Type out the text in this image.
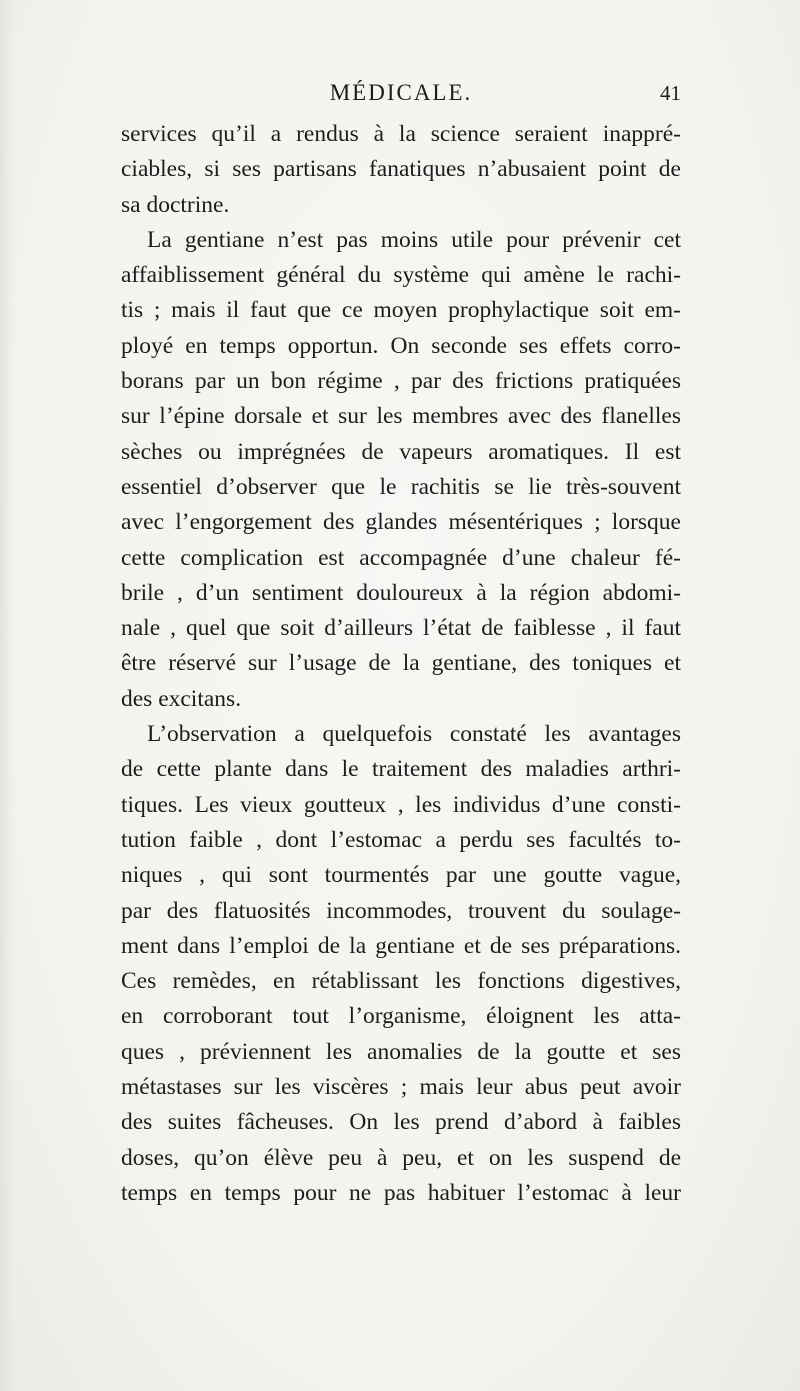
MÉDICALE.	41
services qu’il a rendus à la science seraient inappré-
ciables, si ses partisans fanatiques n’abusaient point de
sa doctrine.
La gentiane n’est pas moins utile pour prévenir cet
affaiblissement général du système qui amène le rachi-
tis ; mais il faut que ce moyen prophylactique soit em-
ployé en temps opportun. On seconde ses effets corro-
borans par un bon régime , par des frictions pratiquées
sur l’épine dorsale et sur les membres avec des flanelles
sèches ou imprégnées de vapeurs aromatiques. Il est
essentiel d’observer que le rachitis se lie très-souvent
avec l’engorgement des glandes mésentériques ; lorsque
cette complication est accompagnée d’une chaleur fé-
brile , d’un sentiment douloureux à la région abdomi-
nale , quel que soit d’ailleurs l’état de faiblesse , il faut
être réservé sur l’usage de la gentiane, des toniques et
des excitans.
L’observation a quelquefois constaté les avantages
de cette plante dans le traitement des maladies arthri-
tiques. Les vieux goutteux , les individus d’une consti-
tution faible , dont l’estomac a perdu ses facultés to-
niques , qui sont tourmentés par une goutte vague,
par des flatuosités incommodes, trouvent du soulage-
ment dans l’emploi de la gentiane et de ses préparations.
Ces remèdes, en rétablissant les fonctions digestives,
en corroborant tout l’organisme, éloignent les atta-
ques , préviennent les anomalies de la goutte et ses
métastases sur les viscères ; mais leur abus peut avoir
des suites fâcheuses. On les prend d’abord à faibles
doses, qu’on élève peu à peu, et on les suspend de
temps en temps pour ne pas habituer l’estomac à leur
